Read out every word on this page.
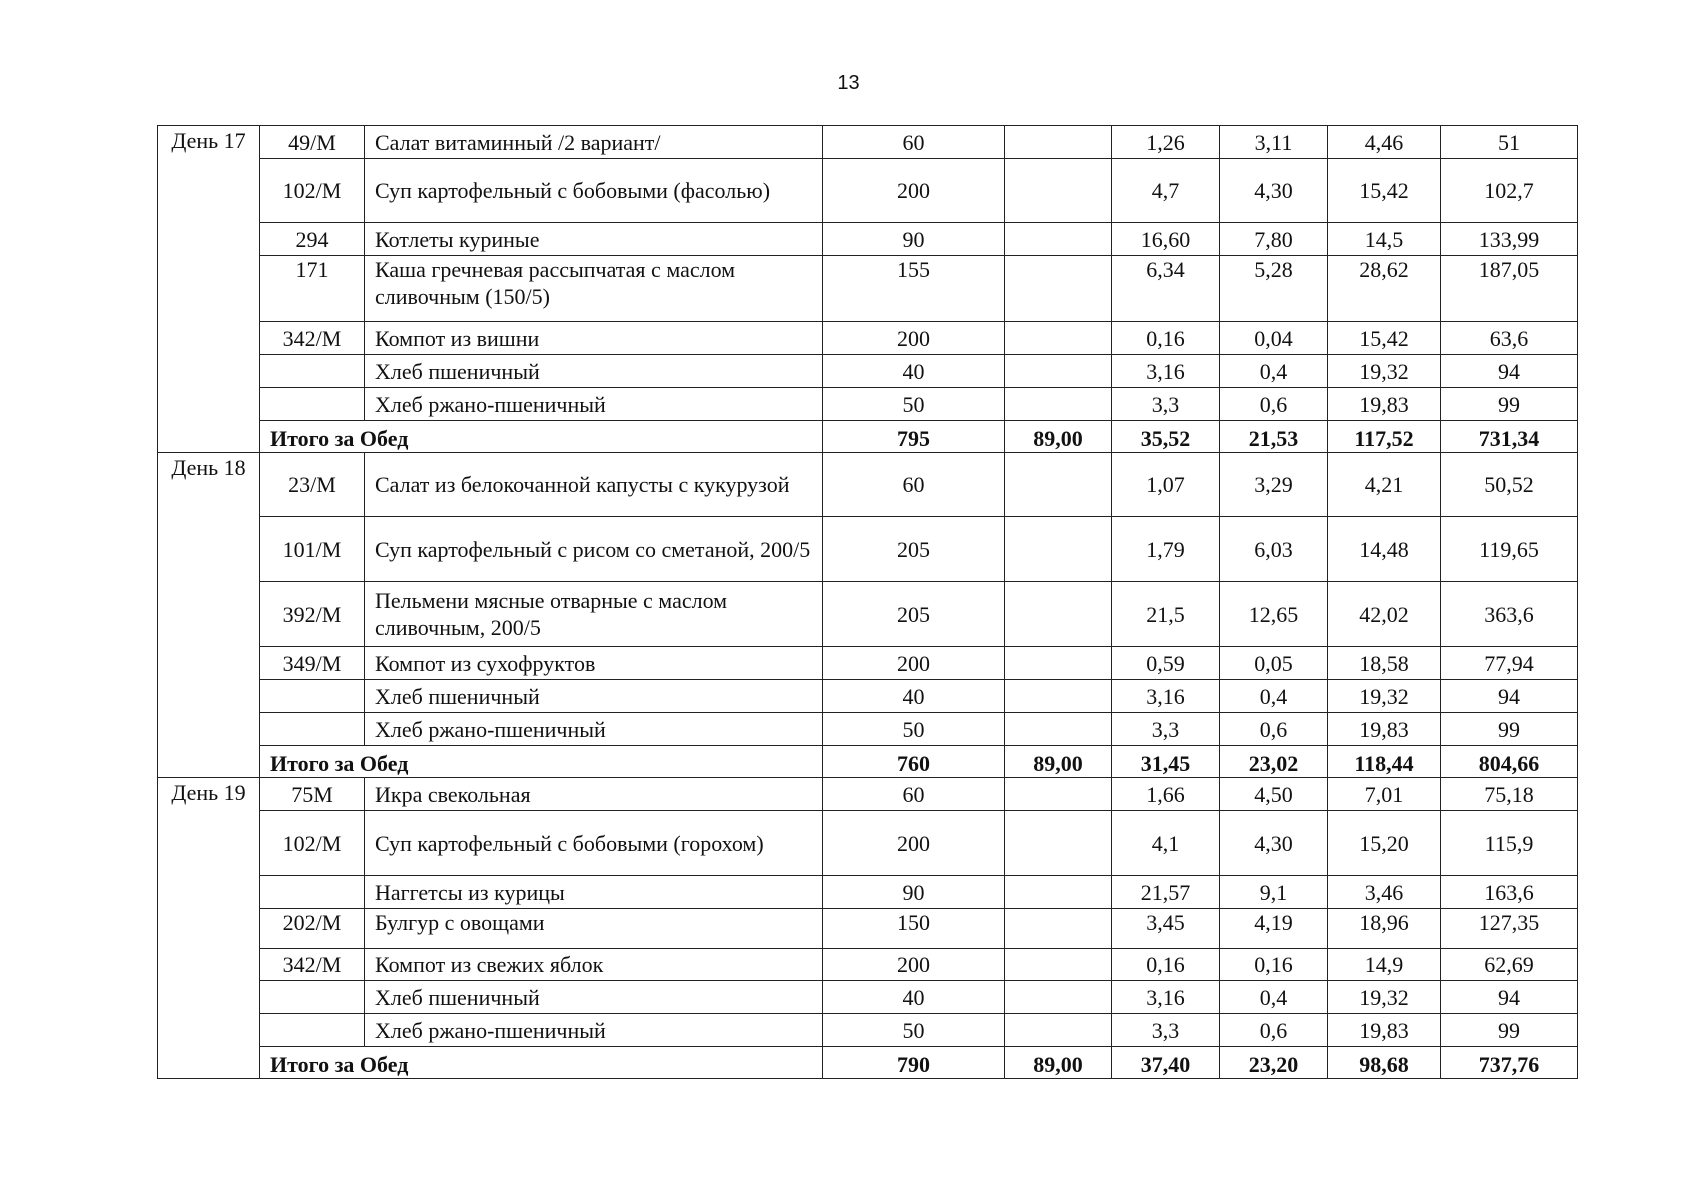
13
День 17	49/М	Салат витаминный /2 вариант/	60		1,26	3,11	4,46	51
	102/М	Суп картофельный с бобовыми (фасолью)	200		4,7	4,30	15,42	102,7
	294	Котлеты куриные	90		16,60	7,80	14,5	133,99
	171	Каша гречневая рассыпчатая с маслом сливочным (150/5)	155		6,34	5,28	28,62	187,05
	342/М	Компот из вишни	200		0,16	0,04	15,42	63,6
		Хлеб пшеничный	40		3,16	0,4	19,32	94
		Хлеб ржано-пшеничный	50		3,3	0,6	19,83	99
	Итого за Обед		795	89,00	35,52	21,53	117,52	731,34
День 18	23/М	Салат из белокочанной капусты с кукурузой	60		1,07	3,29	4,21	50,52
	101/М	Суп картофельный с рисом со сметаной, 200/5	205		1,79	6,03	14,48	119,65
	392/М	Пельмени мясные отварные с маслом сливочным, 200/5	205		21,5	12,65	42,02	363,6
	349/М	Компот из сухофруктов	200		0,59	0,05	18,58	77,94
		Хлеб пшеничный	40		3,16	0,4	19,32	94
		Хлеб ржано-пшеничный	50		3,3	0,6	19,83	99
	Итого за Обед		760	89,00	31,45	23,02	118,44	804,66
День 19	75М	Икра свекольная	60		1,66	4,50	7,01	75,18
	102/М	Суп картофельный с бобовыми (горохом)	200		4,1	4,30	15,20	115,9
		Наггетсы из курицы	90		21,57	9,1	3,46	163,6
	202/М	Булгур с овощами	150		3,45	4,19	18,96	127,35
	342/М	Компот из свежих яблок	200		0,16	0,16	14,9	62,69
		Хлеб пшеничный	40		3,16	0,4	19,32	94
		Хлеб ржано-пшеничный	50		3,3	0,6	19,83	99
	Итого за Обед		790	89,00	37,40	23,20	98,68	737,76
